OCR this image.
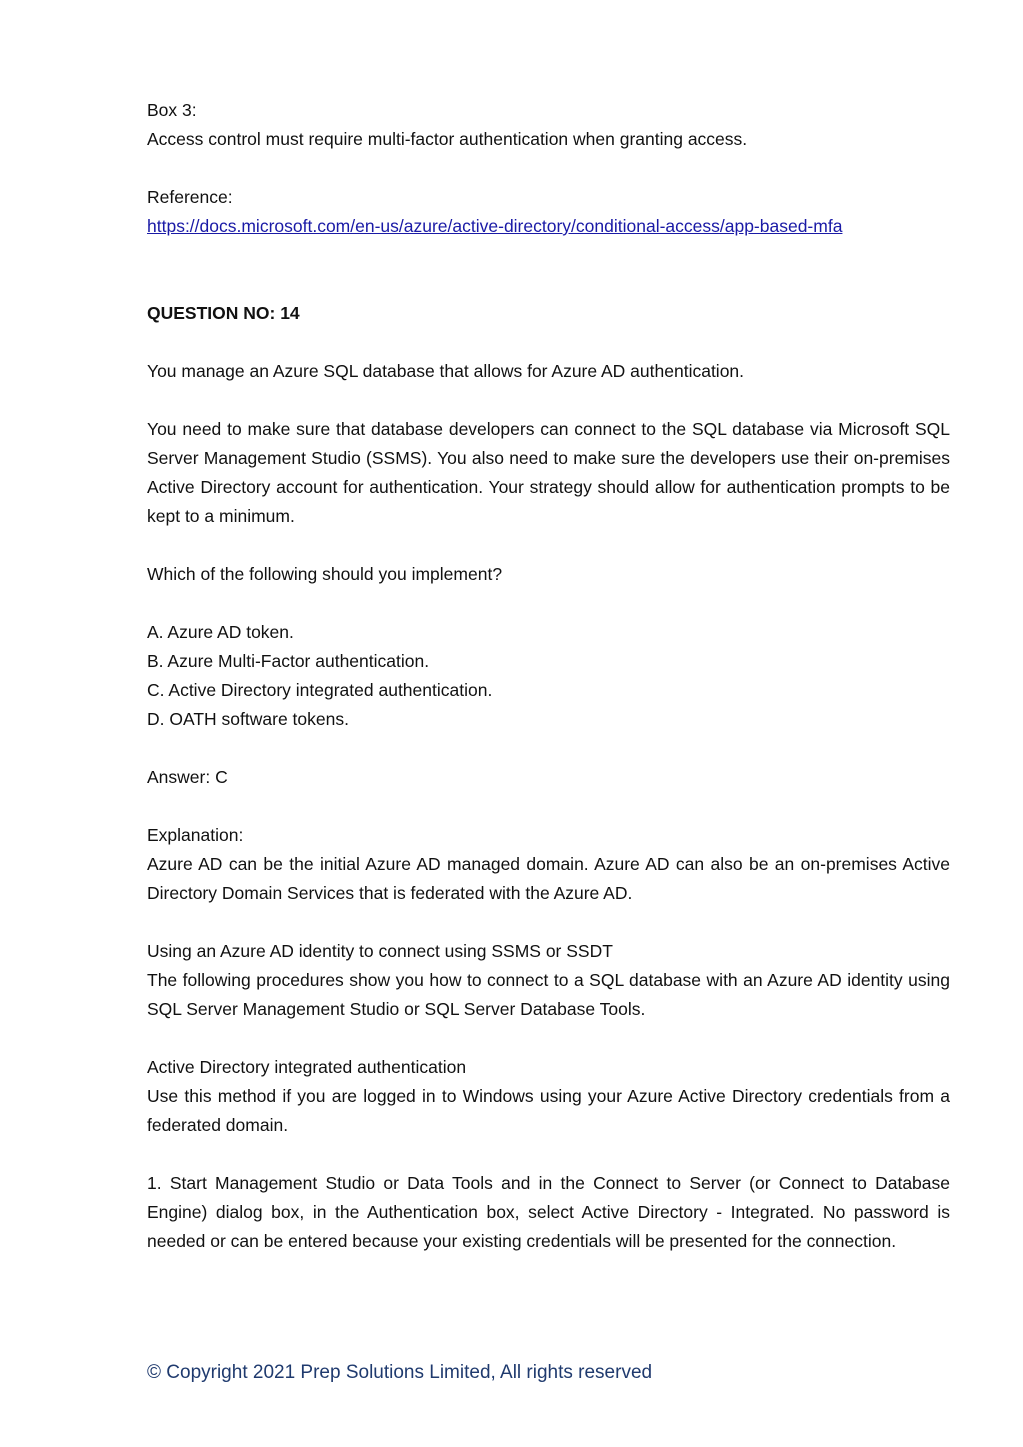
Box 3:

Access control must require multi-factor authentication when granting access.

Reference:

https://docs.microsoft.com/en-us/azure/active-directory/conditional-access/app-based-mfa

QUESTION NO: 14

You manage an Azure SQL database that allows for Azure AD authentication.

You need to make sure that database developers can connect to the SQL database via Microsoft SQL Server Management Studio (SSMS). You also need to make sure the developers use their on-premises Active Directory account for authentication. Your strategy should allow for authentication prompts to be kept to a minimum.

Which of the following should you implement?

A. Azure AD token.

B. Azure Multi-Factor authentication.

C. Active Directory integrated authentication.

D. OATH software tokens.

Answer: C

Explanation:

Azure AD can be the initial Azure AD managed domain. Azure AD can also be an on-premises Active Directory Domain Services that is federated with the Azure AD.

Using an Azure AD identity to connect using SSMS or SSDT

The following procedures show you how to connect to a SQL database with an Azure AD identity using SQL Server Management Studio or SQL Server Database Tools.

Active Directory integrated authentication

Use this method if you are logged in to Windows using your Azure Active Directory credentials from a federated domain.

1. Start Management Studio or Data Tools and in the Connect to Server (or Connect to Database Engine) dialog box, in the Authentication box, select Active Directory - Integrated. No password is needed or can be entered because your existing credentials will be presented for the connection.

© Copyright 2021 Prep Solutions Limited, All rights reserved
